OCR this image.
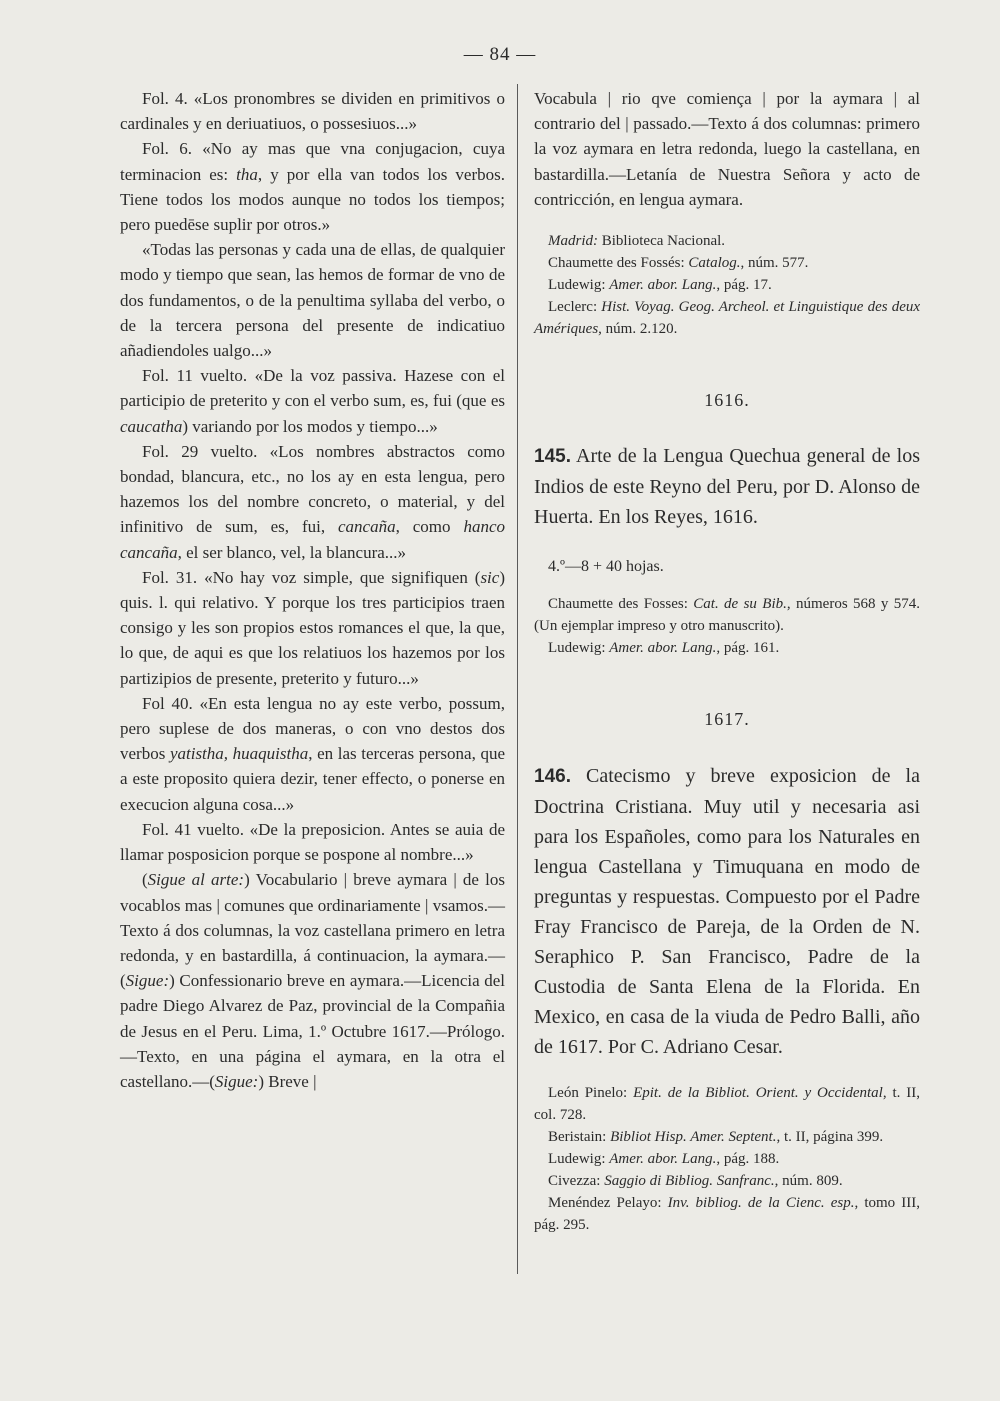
— 84 —

Fol. 4. «Los pronombres se dividen en primitivos o cardinales y en deriuatiuos, o possesiuos...»

Fol. 6. «No ay mas que vna conjugacion, cuya terminacion es: tha, y por ella van todos los verbos. Tiene todos los modos aunque no todos los tiempos; pero puedēse suplir por otros.»

«Todas las personas y cada una de ellas, de qualquier modo y tiempo que sean, las hemos de formar de vno de dos fundamentos, o de la penultima syllaba del verbo, o de la tercera persona del presente de indicatiuo añadiendoles ualgo...»

Fol. 11 vuelto. «De la voz passiva. Hazese con el participio de preterito y con el verbo sum, es, fui (que es caucatha) variando por los modos y tiempo...»

Fol. 29 vuelto. «Los nombres abstractos como bondad, blancura, etc., no los ay en esta lengua, pero hazemos los del nombre concreto, o material, y del infinitivo de sum, es, fui, cancaña, como hanco cancaña, el ser blanco, vel, la blancura...»

Fol. 31. «No hay voz simple, que signifiquen (sic) quis. l. qui relativo. Y porque los tres participios traen consigo y les son propios estos romances el que, la que, lo que, de aqui es que los relatiuos los hazemos por los partizipios de presente, preterito y futuro...»

Fol 40. «En esta lengua no ay este verbo, possum, pero suplese de dos maneras, o con vno destos dos verbos yatistha, huaquistha, en las terceras persona, que a este proposito quiera dezir, tener effecto, o ponerse en execucion alguna cosa...»

Fol. 41 vuelto. «De la preposicion. Antes se auia de llamar posposicion porque se pospone al nombre...»

(Sigue al arte:) Vocabulario | breve aymara | de los vocablos mas | comunes que ordinariamente | vsamos.—Texto á dos columnas, la voz castellana primero en letra redonda, y en bastardilla, á continuacion, la aymara.— (Sigue:) Confessionario breve en aymara.—Licencia del padre Diego Alvarez de Paz, provincial de la Compañia de Jesus en el Peru. Lima, 1.º Octubre 1617.—Prólogo.—Texto, en una página el aymara, en la otra el castellano.—(Sigue:) Breve |

Vocabula | rio qve comiença | por la aymara | al contrario del | passado.—Texto á dos columnas: primero la voz aymara en letra redonda, luego la castellana, en bastardilla.—Letanía de Nuestra Señora y acto de contricción, en lengua aymara.

Madrid: Biblioteca Nacional.

Chaumette des Fossés: Catalog., núm. 577.

Ludewig: Amer. abor. Lang., pág. 17.

Leclerc: Hist. Voyag. Geog. Archeol. et Linguistique des deux Amériques, núm. 2.120.

1616.

145. Arte de la Lengua Quechua general de los Indios de este Reyno del Peru, por D. Alonso de Huerta. En los Reyes, 1616.

4.º—8 + 40 hojas.

Chaumette des Fosses: Cat. de su Bib., números 568 y 574. (Un ejemplar impreso y otro manuscrito).

Ludewig: Amer. abor. Lang., pág. 161.

1617.

146. Catecismo y breve exposicion de la Doctrina Cristiana. Muy util y necesaria asi para los Españoles, como para los Naturales en lengua Castellana y Timuquana en modo de preguntas y respuestas. Compuesto por el Padre Fray Francisco de Pareja, de la Orden de N. Seraphico P. San Francisco, Padre de la Custodia de Santa Elena de la Florida. En Mexico, en casa de la viuda de Pedro Balli, año de 1617. Por C. Adriano Cesar.

León Pinelo: Epit. de la Bibliot. Orient. y Occidental, t. II, col. 728.

Beristain: Bibliot Hisp. Amer. Septent., t. II, página 399.

Ludewig: Amer. abor. Lang., pág. 188.

Civezza: Saggio di Bibliog. Sanfranc., núm. 809.

Menéndez Pelayo: Inv. bibliog. de la Cienc. esp., tomo III, pág. 295.
